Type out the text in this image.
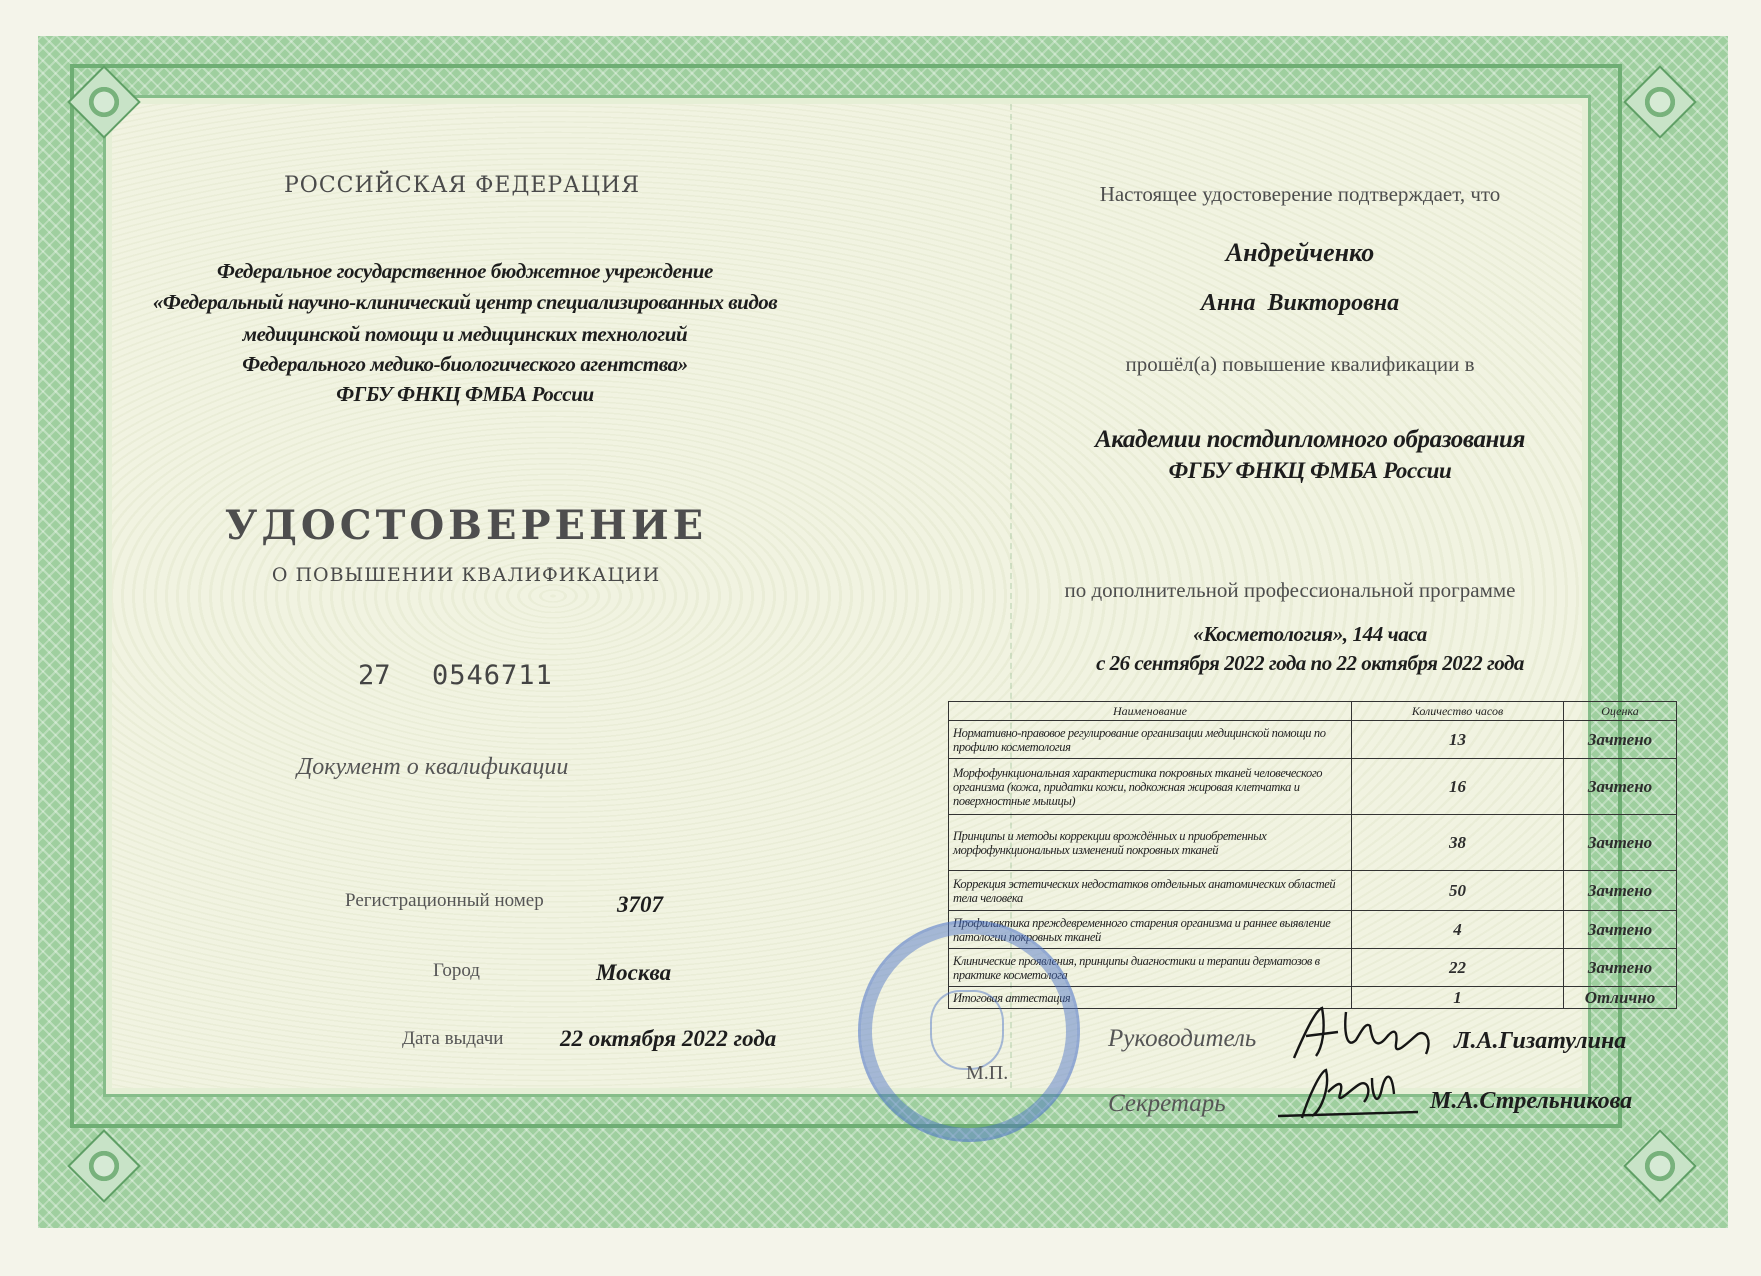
РОССИЙСКАЯ ФЕДЕРАЦИЯ
Федеральное государственное бюджетное учреждение
«Федеральный научно-клинический центр специализированных видов
медицинской помощи и медицинских технологий
Федерального медико-биологического агентства»
ФГБУ ФНКЦ ФМБА России
УДОСТОВЕРЕНИЕ
О ПОВЫШЕНИИ КВАЛИФИКАЦИИ
27 0546711
Документ о квалификации
Регистрационный номер	3707
Город	Москва
Дата выдачи 22 октября 2022 года
Настоящее удостоверение подтверждает, что
Андрейченко
Анна  Викторовна
прошёл(а) повышение квалификации в
Академии постдипломного образования
ФГБУ ФНКЦ ФМБА России
по дополнительной профессиональной программе
«Косметология», 144 часа
с 26 сентября 2022 года по 22 октября 2022 года
Наименование	Количество часов	Оценка
Нормативно-правовое регулирование организации медицинской помощи по профилю косметология	13	Зачтено
Морфофункциональная характеристика покровных тканей человеческого организма (кожа, придатки кожи, подкожная жировая клетчатка и поверхностные мышцы)	16	Зачтено
Принципы и методы коррекции врождённых и приобретенных морфофункциональных изменений покровных тканей	38	Зачтено
Коррекция эстетических недостатков отдельных анатомических областей тела человека	50	Зачтено
Профилактика преждевременного старения организма и раннее выявление патологии покровных тканей	4	Зачтено
Клинические проявления, принципы диагностики и терапии дерматозов в практике косметолога	22	Зачтено
Итоговая аттестация	1	Отлично
М.П.
Руководитель	Л.А.Гизатулина
Секретарь	М.А.Стрельникова
